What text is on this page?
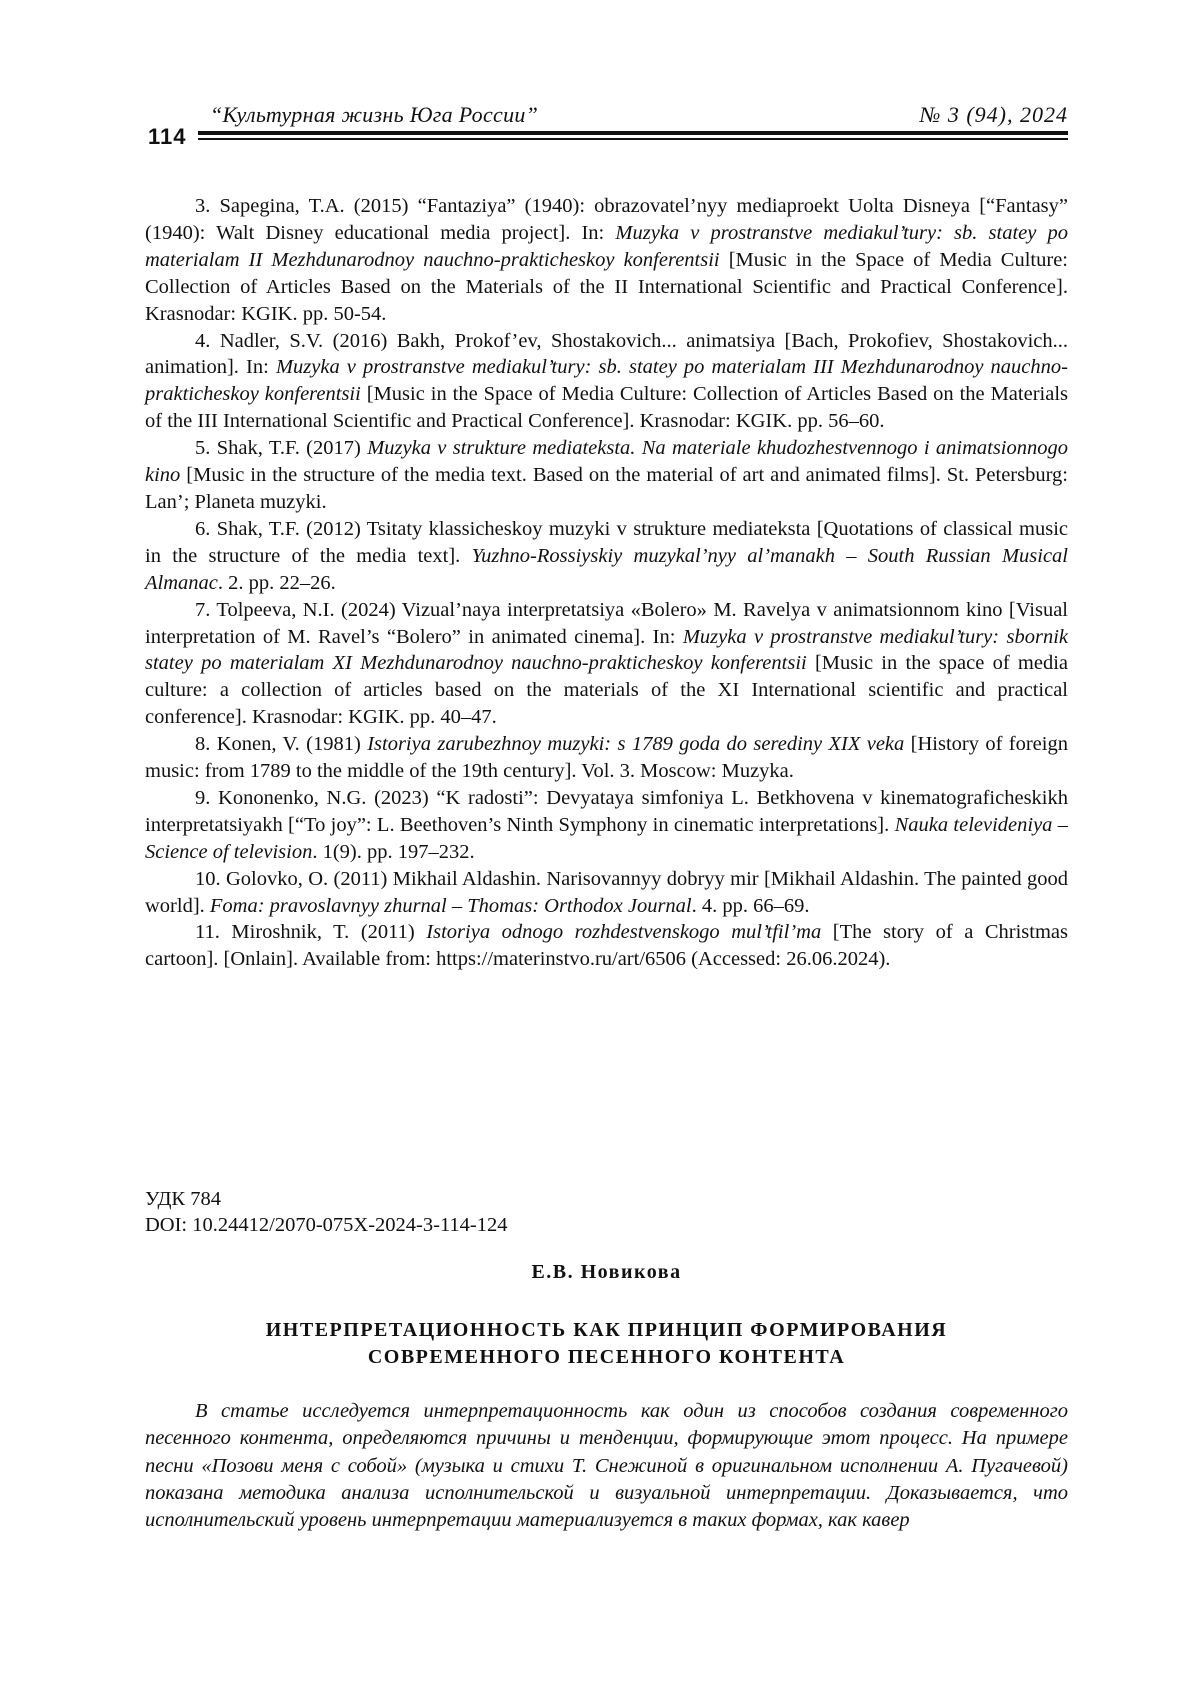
114
“Культурная жизнь Юга России”	№ 3 (94), 2024

3. Sapegina, T.A. (2015) “Fantaziya” (1940): obrazovatel’nyy mediaproekt Uolta Disneya [“Fantasy” (1940): Walt Disney educational media project]. In: Muzyka v prostranstve mediakul’tury: sb. statey po materialam II Mezhdunarodnoy nauchno-prakticheskoy konferentsii [Music in the Space of Media Culture: Collection of Articles Based on the Materials of the II International Scientific and Practical Conference]. Krasnodar: KGIK. pp. 50-54.

4. Nadler, S.V. (2016) Bakh, Prokof’ev, Shostakovich... animatsiya [Bach, Prokofiev, Shostakovich... animation]. In: Muzyka v prostranstve mediakul’tury: sb. statey po materialam III Mezhdunarodnoy nauchno-prakticheskoy konferentsii [Music in the Space of Media Culture: Collection of Articles Based on the Materials of the III International Scientific and Practical Conference]. Krasnodar: KGIK. pp. 56–60.

5. Shak, T.F. (2017) Muzyka v strukture mediateksta. Na materiale khudozhestvennogo i animatsionnogo kino [Music in the structure of the media text. Based on the material of art and animated films]. St. Petersburg: Lan’; Planeta muzyki.

6. Shak, T.F. (2012) Tsitaty klassicheskoy muzyki v strukture mediateksta [Quotations of classical music in the structure of the media text]. Yuzhno-Rossiyskiy muzykal’nyy al’manakh – South Russian Musical Almanac. 2. pp. 22–26.

7. Tolpeeva, N.I. (2024) Vizual’naya interpretatsiya «Bolero» M. Ravelya v animatsionnom kino [Visual interpretation of M. Ravel’s “Bolero” in animated cinema]. In: Muzyka v prostranstve mediakul’tury: sbornik statey po materialam XI Mezhdunarodnoy nauchno-prakticheskoy konferentsii [Music in the space of media culture: a collection of articles based on the materials of the XI International scientific and practical conference]. Krasnodar: KGIK. pp. 40–47.

8. Konen, V. (1981) Istoriya zarubezhnoy muzyki: s 1789 goda do serediny XIX veka [History of foreign music: from 1789 to the middle of the 19th century]. Vol. 3. Moscow: Muzyka.

9. Kononenko, N.G. (2023) “K radosti”: Devyataya simfoniya L. Betkhovena v kinematograficheskikh interpretatsiyakh [“To joy”: L. Beethoven’s Ninth Symphony in cinematic interpretations]. Nauka televideniya – Science of television. 1(9). pp. 197–232.

10. Golovko, O. (2011) Mikhail Aldashin. Narisovannyy dobryy mir [Mikhail Aldashin. The painted good world]. Foma: pravoslavnyy zhurnal – Thomas: Orthodox Journal. 4. pp. 66–69.

11. Miroshnik, T. (2011) Istoriya odnogo rozhdestvenskogo mul’tfil’ma [The story of a Christmas cartoon]. [Onlain]. Available from: https://materinstvo.ru/art/6506 (Accessed: 26.06.2024).

УДК 784
DOI: 10.24412/2070-075X-2024-3-114-124
Е.В. Новикова
ИНТЕРПРЕТАЦИОННОСТЬ КАК ПРИНЦИП ФОРМИРОВАНИЯ
СОВРЕМЕННОГО ПЕСЕННОГО КОНТЕНТА

В статье исследуется интерпретационность как один из способов создания современного песенного контента, определяются причины и тенденции, формирующие этот процесс. На примере песни «Позови меня с собой» (музыка и стихи Т. Снежиной в оригинальном исполнении А. Пугачевой) показана методика анализа исполнительской и визуальной интерпретации. Доказывается, что исполнительский уровень интерпретации материализуется в таких формах, как кавер
